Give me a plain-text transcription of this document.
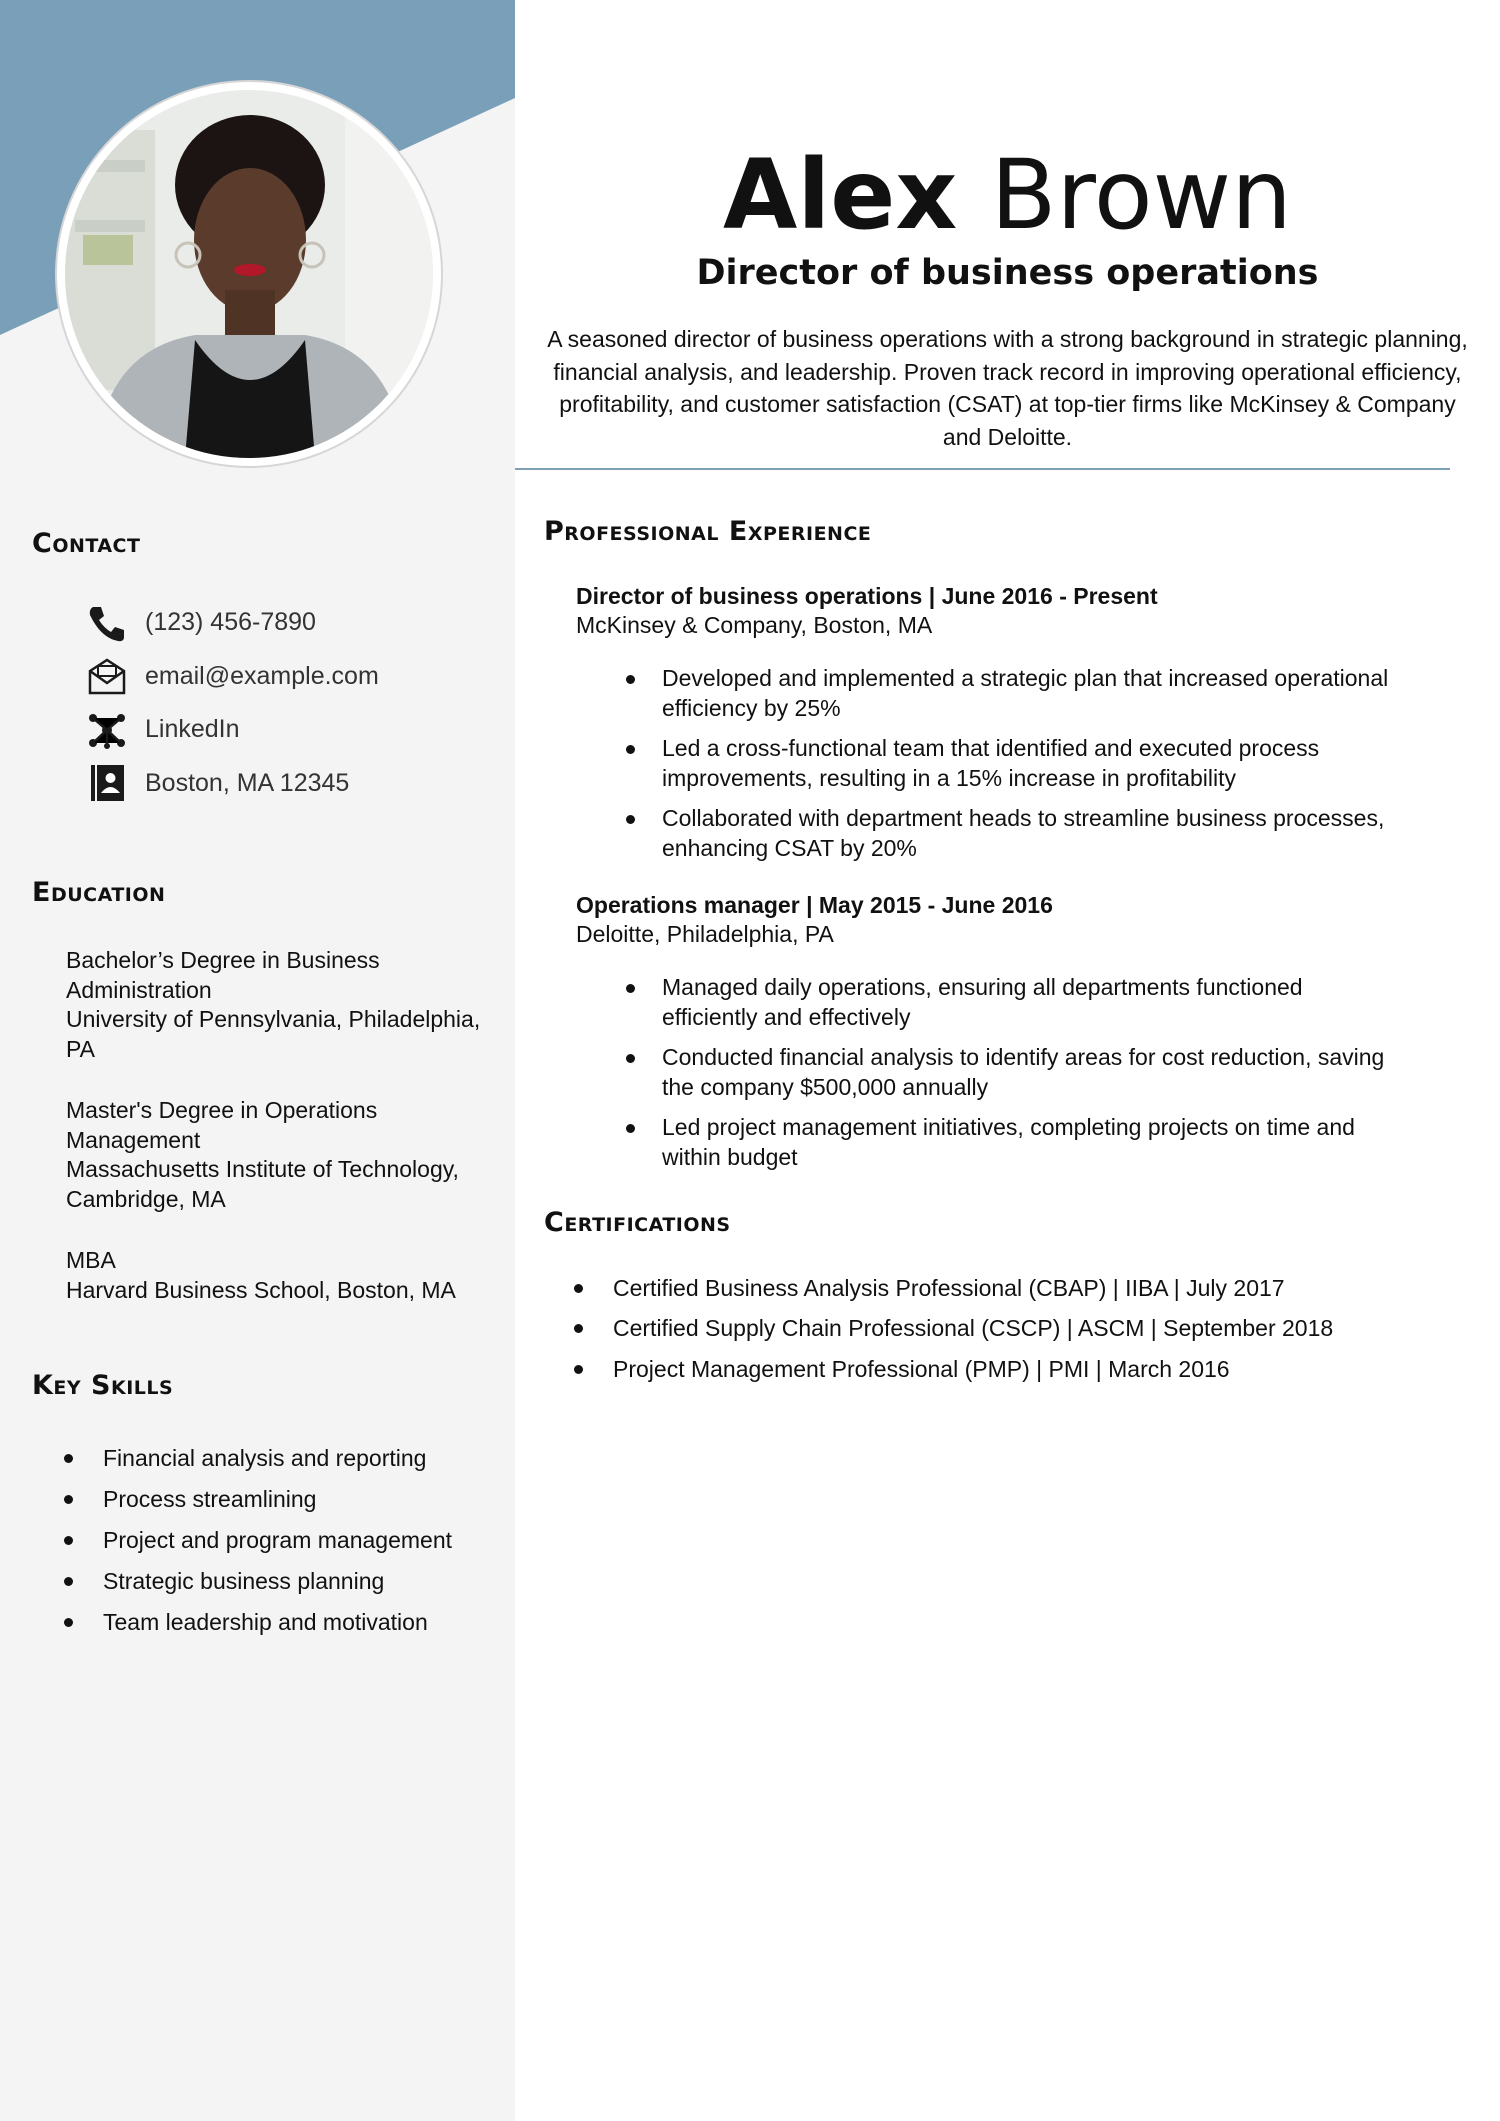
Contact
(123) 456-7890
email@example.com
LinkedIn
Boston, MA 12345
Education
Bachelor’s Degree in Business Administration
University of Pennsylvania, Philadelphia, PA
Master's Degree in Operations Management
Massachusetts Institute of Technology, Cambridge, MA
MBA
Harvard Business School, Boston, MA
Key Skills
Financial analysis and reporting
Process streamlining
Project and program management
Strategic business planning
Team leadership and motivation
Alex Brown
Director of business operations

A seasoned director of business operations with a strong background in strategic planning, financial analysis, and leadership. Proven track record in improving operational efficiency, profitability, and customer satisfaction (CSAT) at top-tier firms like McKinsey & Company and Deloitte.

Professional Experience
Director of business operations | June 2016 - Present
McKinsey & Company, Boston, MA
Developed and implemented a strategic plan that increased operational efficiency by 25%
Led a cross-functional team that identified and executed process improvements, resulting in a 15% increase in profitability
Collaborated with department heads to streamline business processes, enhancing CSAT by 20%
Operations manager | May 2015 - June 2016
Deloitte, Philadelphia, PA
Managed daily operations, ensuring all departments functioned efficiently and effectively
Conducted financial analysis to identify areas for cost reduction, saving the company $500,000 annually
Led project management initiatives, completing projects on time and within budget
Certifications
Certified Business Analysis Professional (CBAP) | IIBA | July 2017
Certified Supply Chain Professional (CSCP) | ASCM | September 2018
Project Management Professional (PMP) | PMI | March 2016
